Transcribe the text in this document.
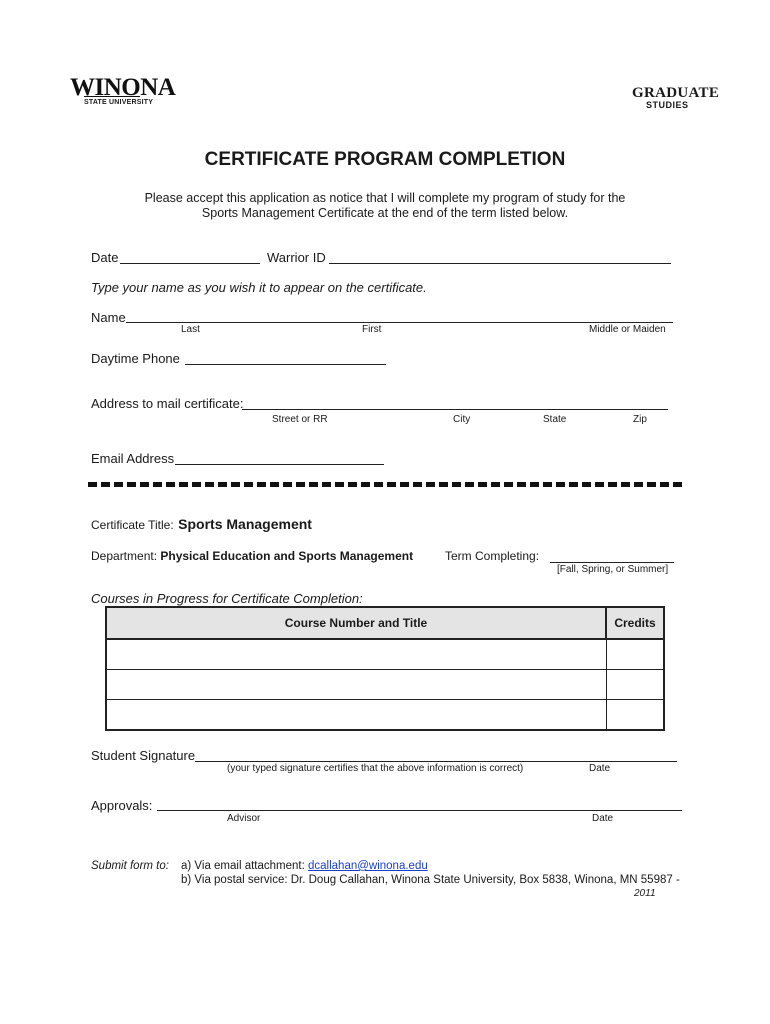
WINONA
STATE UNIVERSITY
GRADUATE
STUDIES
CERTIFICATE PROGRAM COMPLETION
Please accept this application as notice that I will complete my program of study for the
Sports Management Certificate at the end of the term listed below.
Date	Warrior ID
Type your name as you wish it to appear on the certificate.
Name
Last	First	Middle or Maiden
Daytime Phone
Address to mail certificate:
Street or RR	City	State	Zip
Email Address
Certificate Title: Sports Management
Department: Physical Education and Sports Management	Term Completing:
[Fall, Spring, or Summer]
Courses in Progress for Certificate Completion:
Course Number and Title	Credits

Student Signature
(your typed signature certifies that the above information is correct)	Date
Approvals:
Advisor	Date
Submit form to: a) Via email attachment: dcallahan@winona.edu
b) Via postal service: Dr. Doug Callahan, Winona State University, Box 5838, Winona, MN 55987 -
2011
